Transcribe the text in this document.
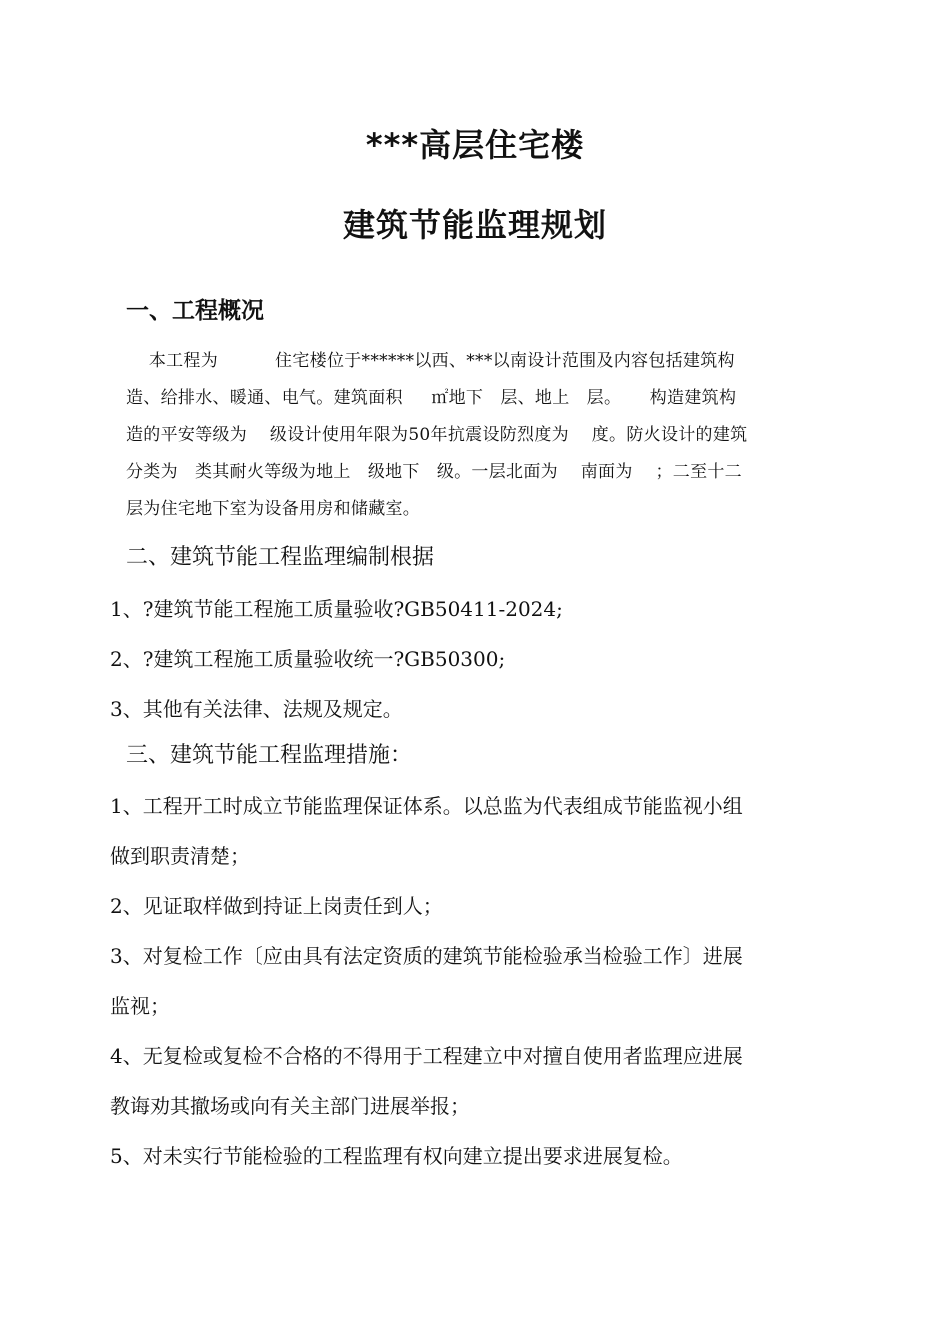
***高层住宅楼
建筑节能监理规划
一、工程概况
本工程为          住宅楼位于******以西、***以南设计范围及内容包括建筑构
造、给排水、暖通、电气。建筑面积     ㎡地下   层、地上   层。     构造建筑构
造的平安等级为    级设计使用年限为50年抗震设防烈度为    度。防火设计的建筑
分类为   类其耐火等级为地上   级地下   级。一层北面为    南面为    ；二至十二
层为住宅地下室为设备用房和储藏室。
二、建筑节能工程监理编制根据

1、?建筑节能工程施工质量验收?GB50411-2024;

2、?建筑工程施工质量验收统一?GB50300;

3、其他有关法律、法规及规定。

三、建筑节能工程监理措施：

1、工程开工时成立节能监理保证体系。以总监为代表组成节能监视小组

做到职责清楚；

2、见证取样做到持证上岗责任到人；

3、对复检工作〔应由具有法定资质的建筑节能检验承当检验工作〕进展

监视；

4、无复检或复检不合格的不得用于工程建立中对擅自使用者监理应进展

教诲劝其撤场或向有关主部门进展举报；

5、对未实行节能检验的工程监理有权向建立提出要求进展复检。
